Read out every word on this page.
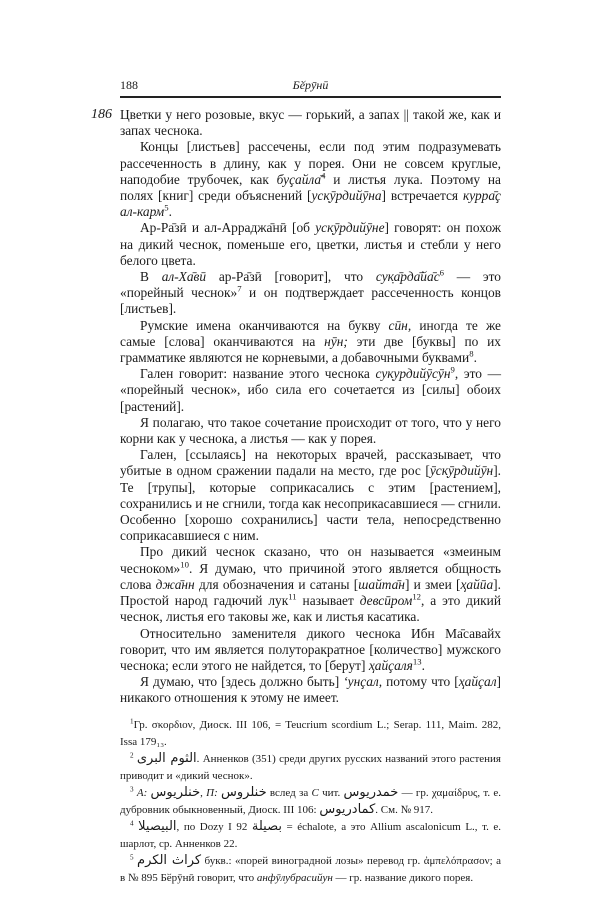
188	Бӗрӯнӣ
186 Цветки у него розовые, вкус — горький, а запах || такой же, как и запах чеснока.

Концы [листьев] рассечены, если под этим подразумевать рассеченность в длину, как у порея. Они не совсем круглые, наподобие трубочек, как буҫайла̄$^4$ и листья лука. Поэтому на полях [книг] среди объяснений [уск̣ӯрдийӯна] встречается курра̄ҫ ал-карм$^5$.

Ар-Ра̄зӣ и ал-Арраджа̄нӣ [об уск̣ӯрдийӯне] говорят: он похож на дикий чеснок, поменьше его, цветки, листья и стебли у него белого цвета.

В ал-Ха̄вӣ ар-Ра̄зӣ [говорит], что $сук̣а̄рда̄йа̄с^6$ — это «порейный чеснок»$^7$ и он подтверждает рассеченность концов [листьев].

Румские имена оканчиваются на букву сӣн, иногда те же самые [слова] оканчиваются на нӯн; эти две [буквы] по их грамматике являются не корневыми, а добавочными буквами$^8$.

Гален говорит: название этого чеснока сук̣урдийӯсӯн$^9$, это — «порейный чеснок», ибо сила его сочетается из [силы] обоих [растений].

Я полагаю, что такое сочетание происходит от того, что у него корни как у чеснока, а листья — как у порея.

Гален, [ссылаясь] на некоторых врачей, рассказывает, что убитые в одном сражении падали на место, где рос [ӯск̣ӯрдийӯн]. Те [трупы], которые соприкасались с этим [растением], сохранились и не сгнили, тогда как несоприкасавшиеся — сгнили. Особенно [хорошо сохранились] части тела, непосредственно соприкасавшиеся с ним.

Про дикий чеснок сказано, что он называется «змеиным чесноком»$^{10}$. Я думаю, что причиной этого является общность слова джа̄нн для обозначения и сатаны [шайта̄н] и змеи [ҳайӣа]. Простой народ гадючий лук$^{11}$ называет девсӣром$^{12}$, а это дикий чеснок, листья его таковы же, как и листья касатика.

Относительно заменителя дикого чеснока Ибн Ма̄савайх говорит, что им является полуторакратное [количество] мужского чеснока; если этого не найдется, то [берут] ҳайҫаля$^{13}$.

Я думаю, что [здесь должно быть] ʻунҫал, потому что [ҳайҫал] никакого отношения к этому не имеет.

$^1$Гр. σκορδιον, Диоск. III 106, = Teucrium scordium L.; Serap. 111, Maim. 282, Issa 179₁₃.

$^2$ الثوم البرى. Анненков (351) среди других русских названий этого растения приводит и «дикий чеснок».

$^3$ А: خنلريوس, П: خنلروس вслед за С чит. خمدريوس — гр. χαμαίδρυς, т. е. дубровник обыкновенный, Диоск. III 106: كمادريوس. См. № 917.

$^4$ البيصيلا, по Dozy I 92 بصيلة = échalote, а это Allium ascalonicum L., т. е. шарлот, ср. Анненков 22.

$^5$ كراث الكرم букв.: «порей виноградной лозы» перевод гр. ἀμπελόπρασον; а в № 895 Бӗрӯнӣ говорит, что анфӯлубрасийун — гр. название дикого порея.
